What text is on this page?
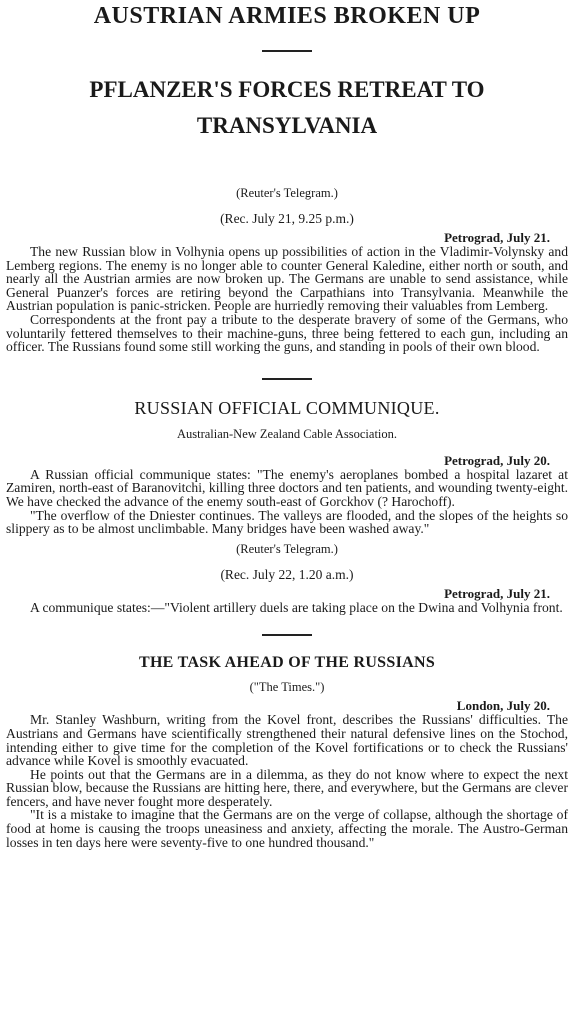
AUSTRIAN ARMIES BROKEN UP
PFLANZER'S FORCES RETREAT TO
TRANSYLVANIA
(Reuter's Telegram.)
(Rec. July 21, 9.25 p.m.)
Petrograd, July 21.

The new Russian blow in Volhynia opens up possibilities of action in the Vladimir-Volynsky and Lemberg regions. The enemy is no longer able to counter General Kaledine, either north or south, and nearly all the Austrian armies are now broken up. The Germans are unable to send assistance, while General Puanzer's forces are retiring beyond the Carpathians into Transylvania. Meanwhile the Austrian population is panic-stricken. People are hurriedly removing their valuables from Lemberg.

Correspondents at the front pay a tribute to the desperate bravery of some of the Germans, who voluntarily fettered themselves to their machine-guns, three being fettered to each gun, including an officer. The Russians found some still working the guns, and standing in pools of their own blood.

RUSSIAN OFFICIAL COMMUNIQUE.
Australian-New Zealand Cable Association.
Petrograd, July 20.

A Russian official communique states: "The enemy's aeroplanes bombed a hospital lazaret at Zamiren, north-east of Baranovitchi, killing three doctors and ten patients, and wounding twenty-eight. We have checked the advance of the enemy south-east of Gorckhov (? Harochoff).

"The overflow of the Dniester continues. The valleys are flooded, and the slopes of the heights so slippery as to be almost unclimbable. Many bridges have been washed away."

(Reuter's Telegram.)
(Rec. July 22, 1.20 a.m.)
Petrograd, July 21.

A communique states:—"Violent artillery duels are taking place on the Dwina and Volhynia front.

THE TASK AHEAD OF THE RUSSIANS
("The Times.")
London, July 20.

Mr. Stanley Washburn, writing from the Kovel front, describes the Russians' difficulties. The Austrians and Germans have scientifically strengthened their natural defensive lines on the Stochod, intending either to give time for the completion of the Kovel fortifications or to check the Russians' advance while Kovel is smoothly evacuated.

He points out that the Germans are in a dilemma, as they do not know where to expect the next Russian blow, because the Russians are hitting here, there, and everywhere, but the Germans are clever fencers, and have never fought more desperately.

"It is a mistake to imagine that the Germans are on the verge of collapse, although the shortage of food at home is causing the troops uneasiness and anxiety, affecting the morale. The Austro-German losses in ten days here were seventy-five to one hundred thousand."
